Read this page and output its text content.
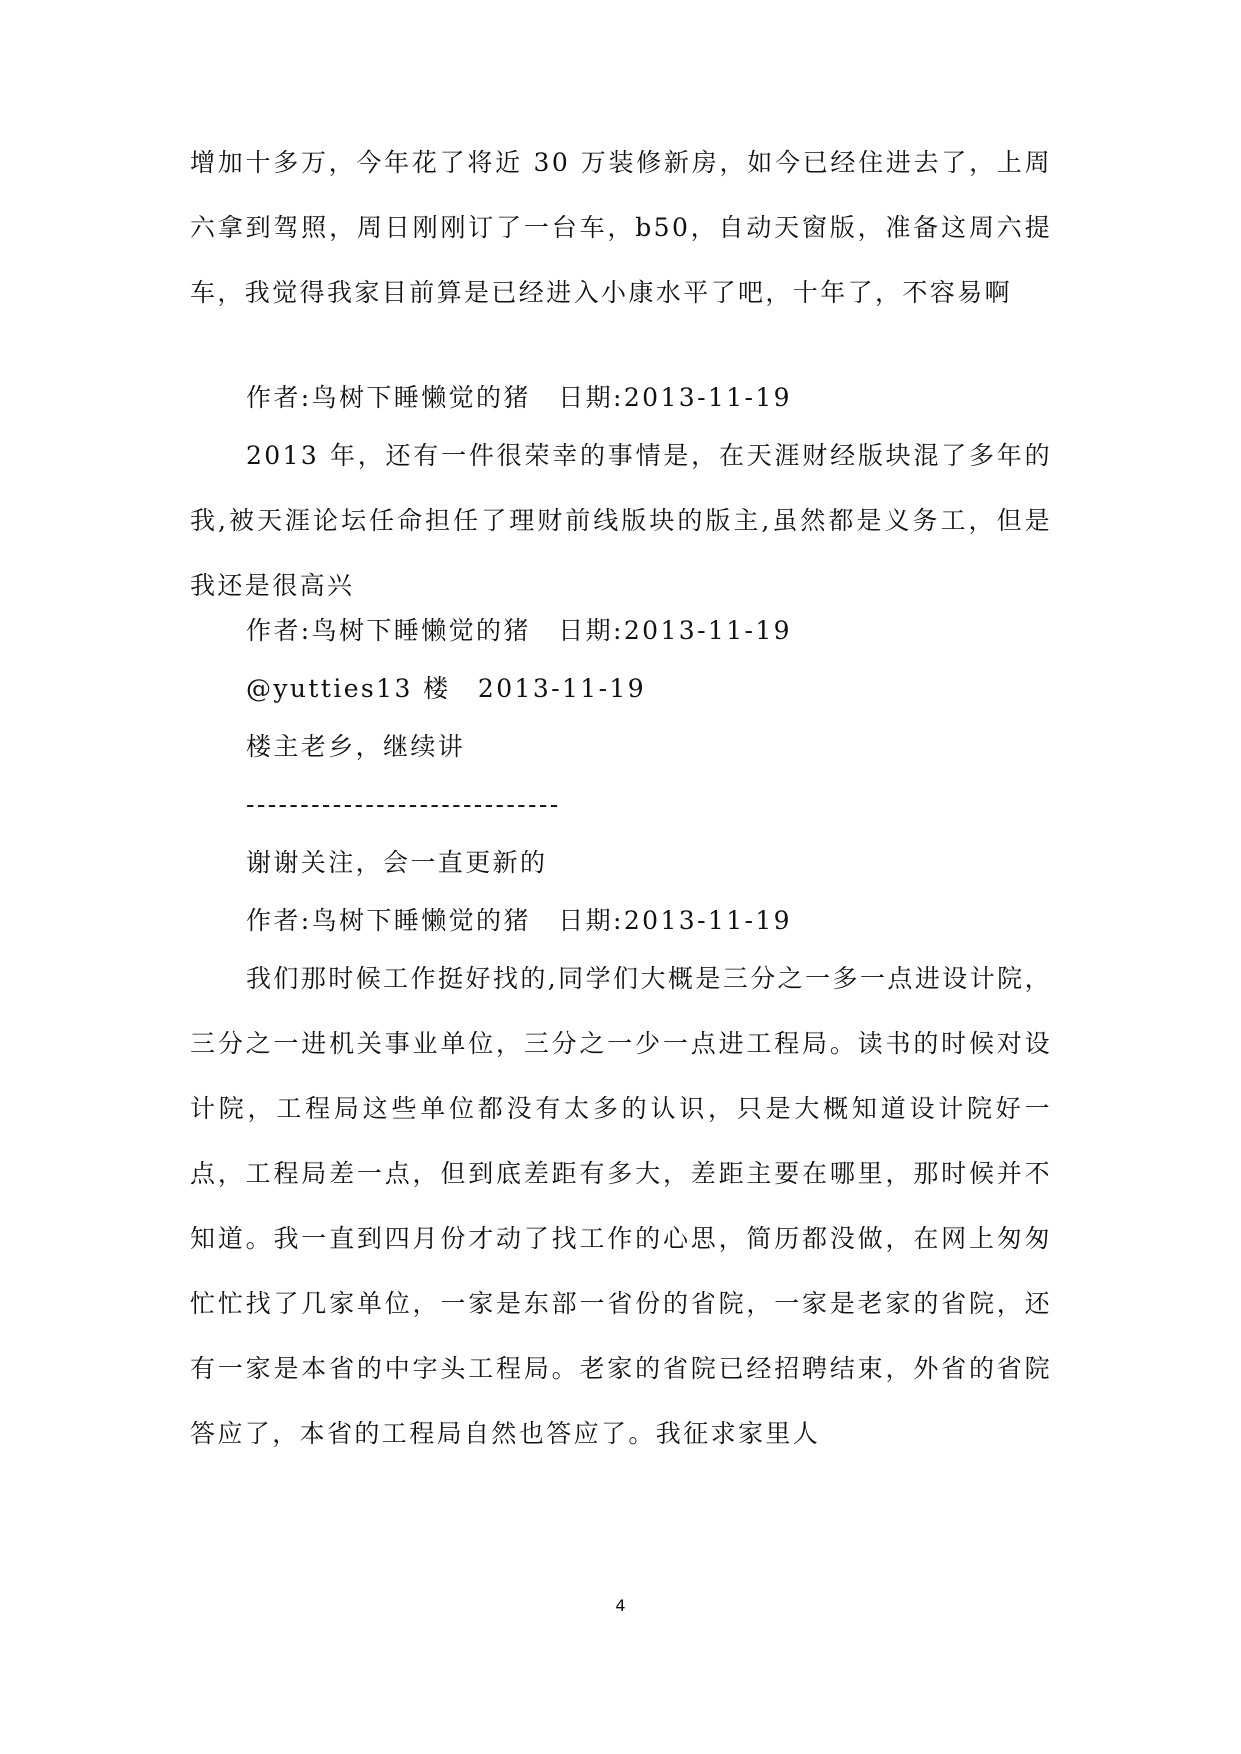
增加十多万，今年花了将近 30 万装修新房，如今已经住进去了，上周六拿到驾照，周日刚刚订了一台车，b50，自动天窗版，准备这周六提车，我觉得我家目前算是已经进入小康水平了吧，十年了，不容易啊

作者:鸟树下睡懒觉的猪　日期:2013-11-19

2013 年，还有一件很荣幸的事情是，在天涯财经版块混了多年的我,被天涯论坛任命担任了理财前线版块的版主,虽然都是义务工，但是我还是很高兴

作者:鸟树下睡懒觉的猪　日期:2013-11-19

@yutties13 楼　2013-11-19

楼主老乡，继续讲

-----------------------------

谢谢关注，会一直更新的

作者:鸟树下睡懒觉的猪　日期:2013-11-19

我们那时候工作挺好找的,同学们大概是三分之一多一点进设计院，三分之一进机关事业单位，三分之一少一点进工程局。读书的时候对设计院，工程局这些单位都没有太多的认识，只是大概知道设计院好一点，工程局差一点，但到底差距有多大，差距主要在哪里，那时候并不知道。我一直到四月份才动了找工作的心思，简历都没做，在网上匆匆忙忙找了几家单位，一家是东部一省份的省院，一家是老家的省院，还有一家是本省的中字头工程局。老家的省院已经招聘结束，外省的省院答应了，本省的工程局自然也答应了。我征求家里人

4
